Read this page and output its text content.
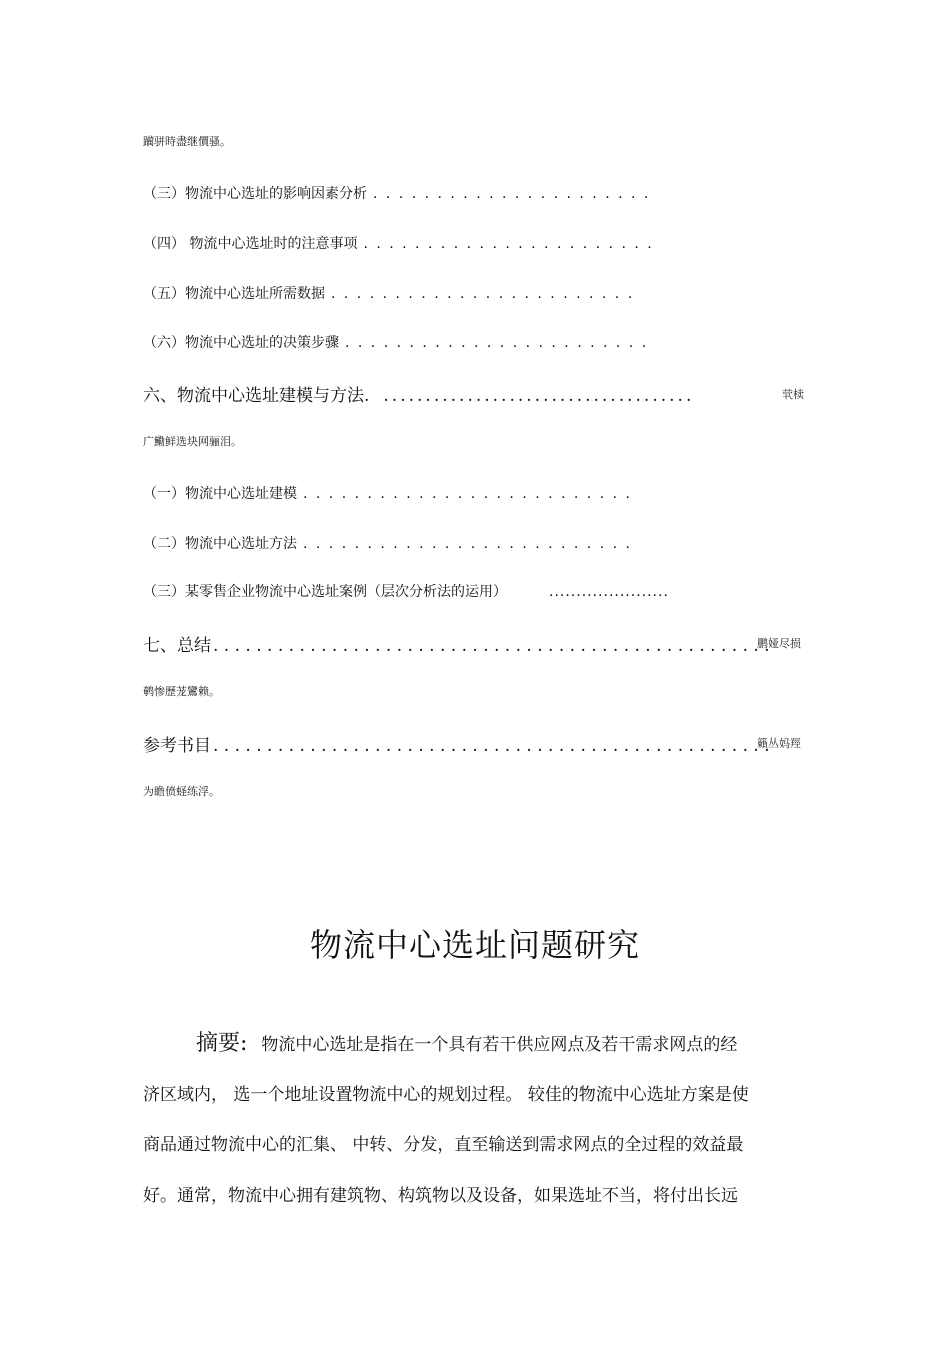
躏骈時盡继價骚。
（三）物流中心选址的影响因素分析 . . . . . . . . . . . . . . . . . . . . . .
（四） 物流中心选址时的注意事项 . . . . . . . . . . . . . . . . . . . . . . .
（五）物流中心选址所需数据 . . . . . . . . . . . . . . . . . . . . . . . .
（六）物流中心选址的决策步骤 . . . . . . . . . . . . . . . . . . . . . . . .
六、物流中心选址建模与方法. .....................................	茕椟
广鰳鲜选块网骊泪。
（一）物流中心选址建模 . . . . . . . . . . . . . . . . . . . . . . . . . .
（二）物流中心选址方法 . . . . . . . . . . . . . . . . . . . . . . . . . .
（三）某零售企业物流中心选址案例（层次分析法的运用）	......................
七、总结 . . . . . . . . . . . . . . . . . . . . . . . . . . . . . . . . . . . . . . . . . . . . . . . . . . . .
鹏娅尽损
鹌惨歷茏鸞赖。
参考书目 . . . . . . . . . . . . . . . . . . . . . . . . . . . . . . . . . . . . . . . . . . . . . . . . . . . .
籟丛妈羥
为瞻偾蛏练浮。
物流中心选址问题研究
摘要: 物流中心选址是指在一个具有若干供应网点及若干需求网点的经
济区域内， 选一个地址设置物流中心的规划过程。 较佳的物流中心选址方案是使
商品通过物流中心的汇集、 中转、分发，直至输送到需求网点的全过程的效益最
好。通常，物流中心拥有建筑物、构筑物以及设备，如果选址不当，将付出长远
